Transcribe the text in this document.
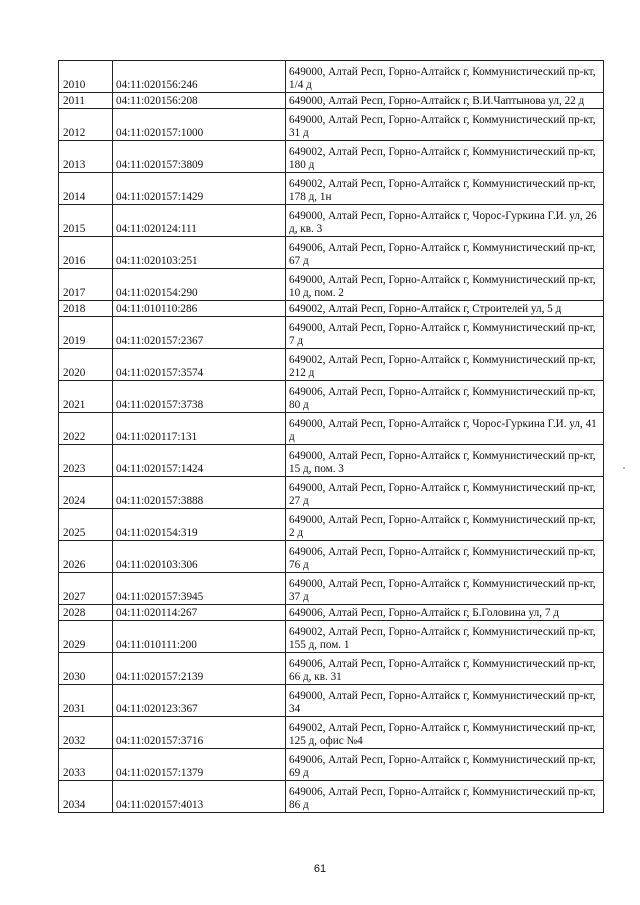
2010	04:11:020156:246	649000, Алтай Респ, Горно-Алтайск г, Коммунистический пр-кт, 1/4 д
2011	04:11:020156:208	649000, Алтай Респ, Горно-Алтайск г, В.И.Чаптынова ул, 22 д
2012	04:11:020157:1000	649000, Алтай Респ, Горно-Алтайск г, Коммунистический пр-кт, 31 д
2013	04:11:020157:3809	649002, Алтай Респ, Горно-Алтайск г, Коммунистический пр-кт, 180 д
2014	04:11:020157:1429	649002, Алтай Респ, Горно-Алтайск г, Коммунистический пр-кт, 178 д, 1н
2015	04:11:020124:111	649000, Алтай Респ, Горно-Алтайск г, Чорос-Гуркина Г.И. ул, 26 д, кв. 3
2016	04:11:020103:251	649006, Алтай Респ, Горно-Алтайск г, Коммунистический пр-кт, 67 д
2017	04:11:020154:290	649000, Алтай Респ, Горно-Алтайск г, Коммунистический пр-кт, 10 д, пом. 2
2018	04:11:010110:286	649002, Алтай Респ, Горно-Алтайск г, Строителей ул, 5 д
2019	04:11:020157:2367	649000, Алтай Респ, Горно-Алтайск г, Коммунистический пр-кт, 7 д
2020	04:11:020157:3574	649002, Алтай Респ, Горно-Алтайск г, Коммунистический пр-кт, 212 д
2021	04:11:020157:3738	649006, Алтай Респ, Горно-Алтайск г, Коммунистический пр-кт, 80 д
2022	04:11:020117:131	649000, Алтай Респ, Горно-Алтайск г, Чорос-Гуркина Г.И. ул, 41 д
2023	04:11:020157:1424	649000, Алтай Респ, Горно-Алтайск г, Коммунистический пр-кт, 15 д, пом. 3
2024	04:11:020157:3888	649000, Алтай Респ, Горно-Алтайск г, Коммунистический пр-кт, 27 д
2025	04:11:020154:319	649000, Алтай Респ, Горно-Алтайск г, Коммунистический пр-кт, 2 д
2026	04:11:020103:306	649006, Алтай Респ, Горно-Алтайск г, Коммунистический пр-кт, 76 д
2027	04:11:020157:3945	649000, Алтай Респ, Горно-Алтайск г, Коммунистический пр-кт, 37 д
2028	04:11:020114:267	649006, Алтай Респ, Горно-Алтайск г, Б.Головина ул, 7 д
2029	04:11:010111:200	649002, Алтай Респ, Горно-Алтайск г, Коммунистический пр-кт, 155 д, пом. 1
2030	04:11:020157:2139	649006, Алтай Респ, Горно-Алтайск г, Коммунистический пр-кт, 66 д, кв. 31
2031	04:11:020123:367	649000, Алтай Респ, Горно-Алтайск г, Коммунистический пр-кт, 34
2032	04:11:020157:3716	649002, Алтай Респ, Горно-Алтайск г, Коммунистический пр-кт, 125 д, офис №4
2033	04:11:020157:1379	649006, Алтай Респ, Горно-Алтайск г, Коммунистический пр-кт, 69 д
2034	04:11:020157:4013	649006, Алтай Респ, Горно-Алтайск г, Коммунистический пр-кт, 86 д
61
